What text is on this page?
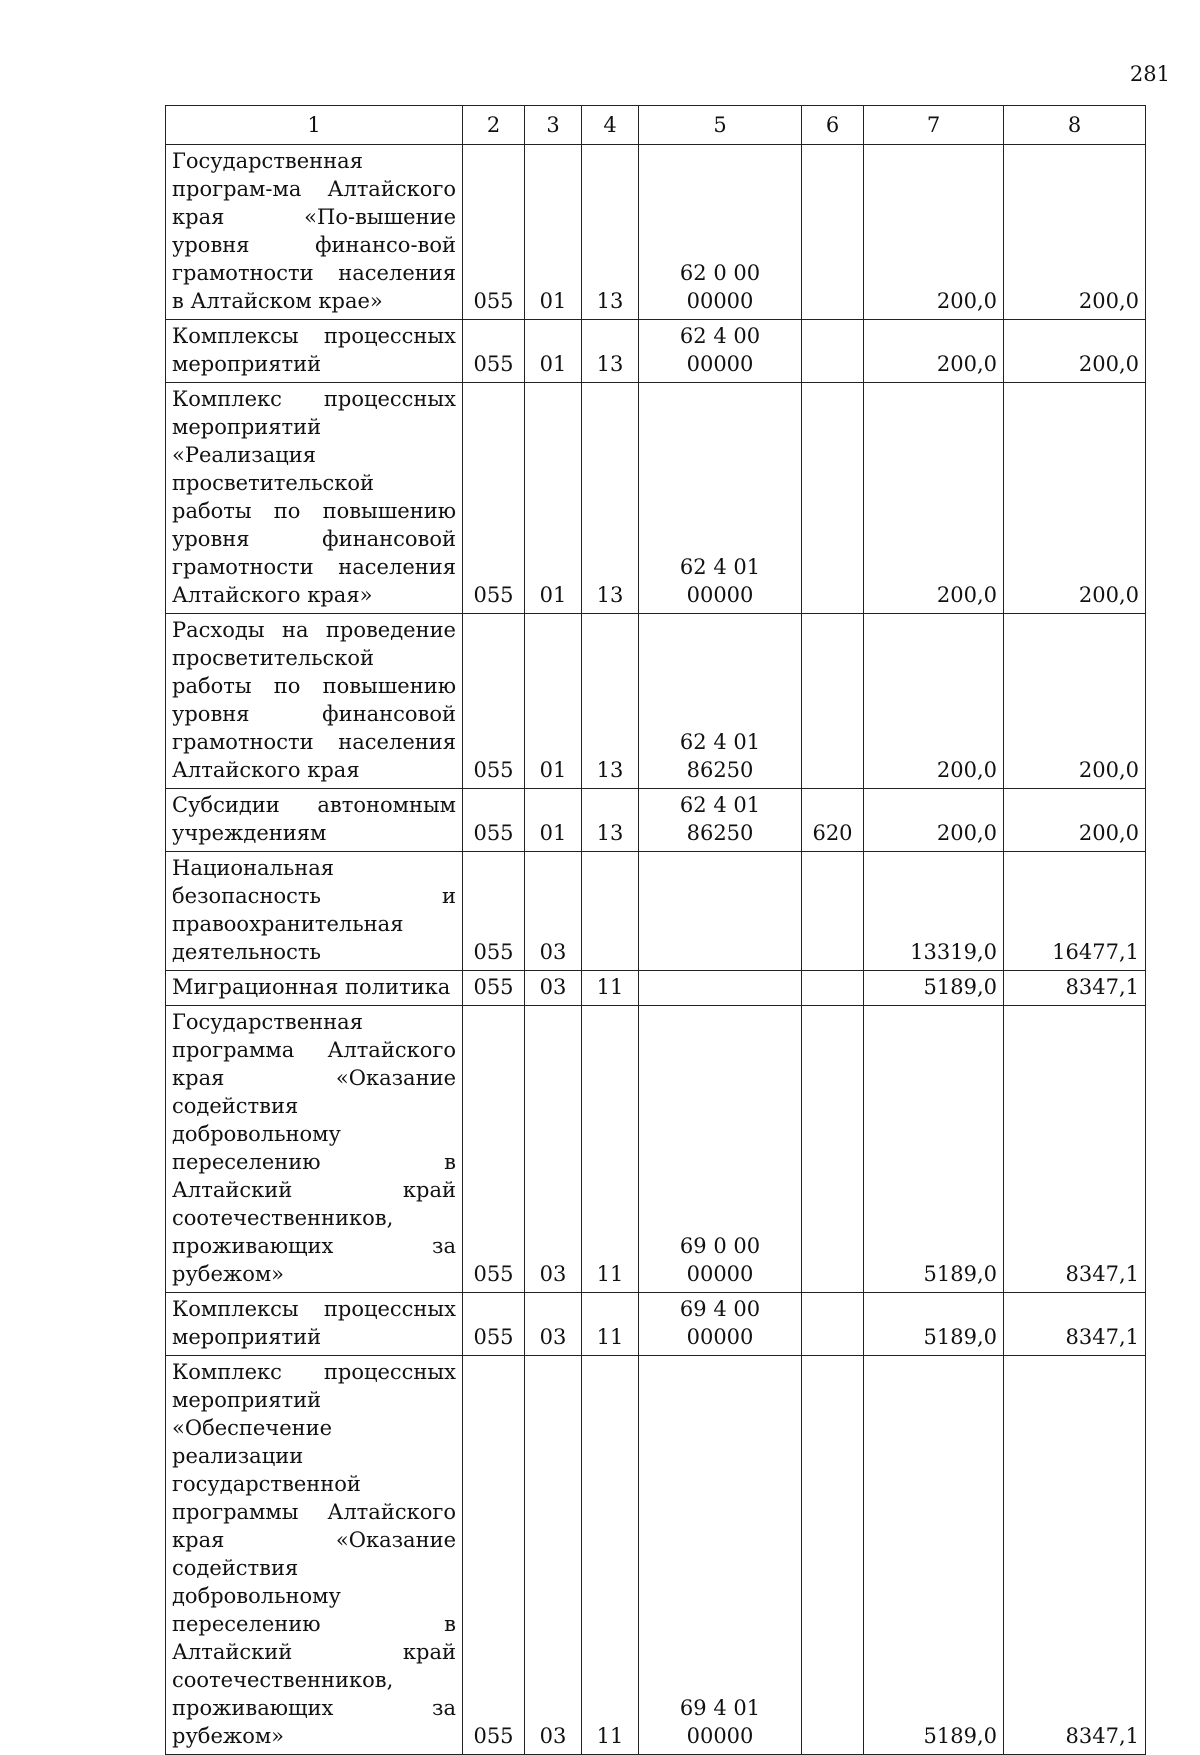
281
1	2	3	4	5	6	7	8
Государственная програм-ма Алтайского края «По-вышение уровня финансо-вой грамотности населения в Алтайском крае»	055	01	13	62 0 00 00000		200,0	200,0
Комплексы процессных мероприятий	055	01	13	62 4 00 00000		200,0	200,0
Комплекс процессных мероприятий «Реализация просветительской работы по повышению уровня финансовой грамотности населения Алтайского края»	055	01	13	62 4 01 00000		200,0	200,0
Расходы на проведение просветительской работы по повышению уровня финансовой грамотности населения Алтайского края	055	01	13	62 4 01 86250		200,0	200,0
Субсидии автономным учреждениям	055	01	13	62 4 01 86250	620	200,0	200,0
Национальная безопасность и правоохранительная деятельность	055	03				13319,0	16477,1
Миграционная политика	055	03	11			5189,0	8347,1
Государственная программа Алтайского края «Оказание содействия добровольному переселению в Алтайский край соотечественников, проживающих за рубежом»	055	03	11	69 0 00 00000		5189,0	8347,1
Комплексы процессных мероприятий	055	03	11	69 4 00 00000		5189,0	8347,1
Комплекс процессных мероприятий «Обеспечение реализации государственной программы Алтайского края «Оказание содействия добровольному переселению в Алтайский край соотечественников, проживающих за рубежом»	055	03	11	69 4 01 00000		5189,0	8347,1
